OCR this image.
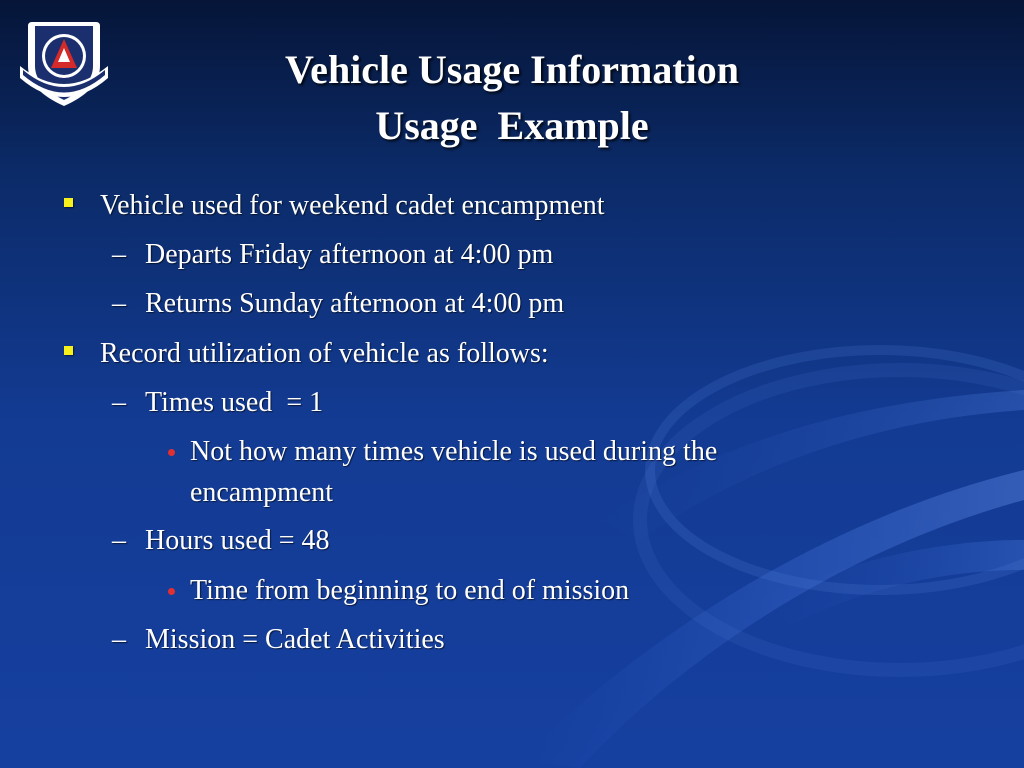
Vehicle Usage Information
Usage  Example
Vehicle used for weekend cadet encampment
– Departs Friday afternoon at 4:00 pm
– Returns Sunday afternoon at 4:00 pm
Record utilization of vehicle as follows:
– Times used  = 1
Not how many times vehicle is used during the
encampment
– Hours used = 48
Time from beginning to end of mission
– Mission = Cadet Activities
